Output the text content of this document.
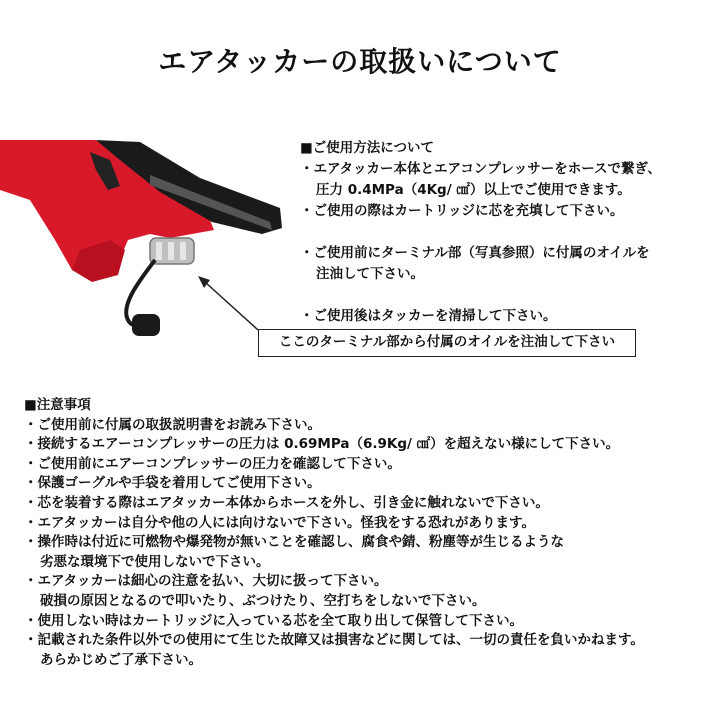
エアタッカーの取扱いについて
■ご使用方法について
・エアタッカー本体とエアコンプレッサーをホースで繋ぎ、
圧力 0.4MPa（4Kg/ ㎠）以上でご使用できます。
・ご使用の際はカートリッジに芯を充填して下さい。
・ご使用前にターミナル部（写真参照）に付属のオイルを
注油して下さい。
・ご使用後はタッカーを清掃して下さい。
ここのターミナル部から付属のオイルを注油して下さい
■注意事項
・ご使用前に付属の取扱説明書をお読み下さい。
・接続するエアーコンプレッサーの圧力は 0.69MPa（6.9Kg/ ㎠）を超えない様にして下さい。
・ご使用前にエアーコンプレッサーの圧力を確認して下さい。
・保護ゴーグルや手袋を着用してご使用下さい。
・芯を装着する際はエアタッカー本体からホースを外し、引き金に触れないで下さい。
・エアタッカーは自分や他の人には向けないで下さい。怪我をする恐れがあります。
・操作時は付近に可燃物や爆発物が無いことを確認し、腐食や錆、粉塵等が生じるような
劣悪な環境下で使用しないで下さい。
・エアタッカーは細心の注意を払い、大切に扱って下さい。
破損の原因となるので叩いたり、ぶつけたり、空打ちをしないで下さい。
・使用しない時はカートリッジに入っている芯を全て取り出して保管して下さい。
・記載された条件以外での使用にて生じた故障又は損害などに関しては、一切の責任を負いかねます。
あらかじめご了承下さい。
